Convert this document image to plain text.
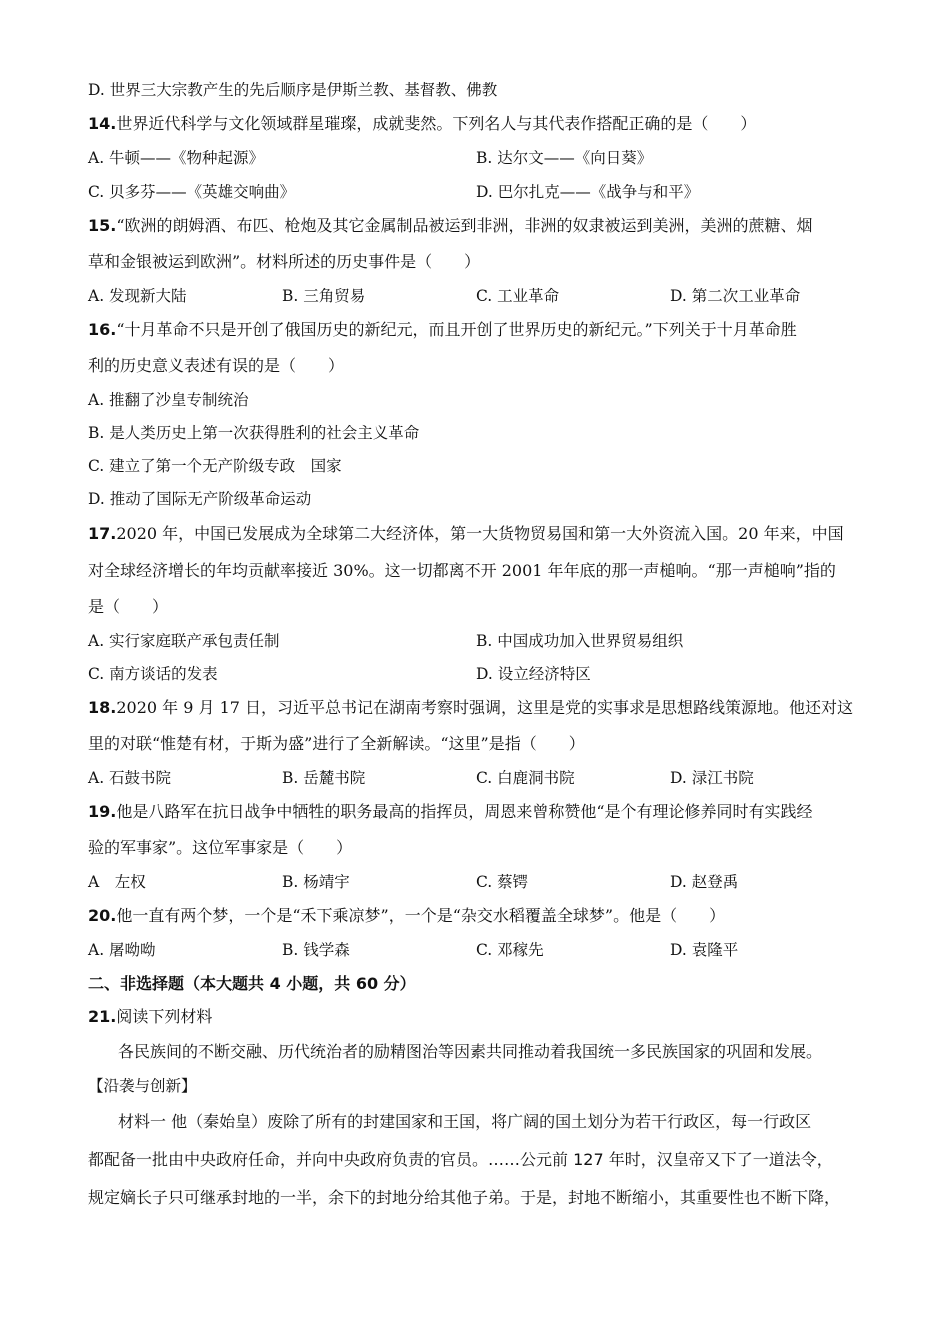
D. 世界三大宗教产生的先后顺序是伊斯兰教、基督教、佛教
14.世界近代科学与文化领域群星璀璨，成就斐然。下列名人与其代表作搭配正确的是（　　）
A. 牛顿——《物种起源》	B. 达尔文——《向日葵》
C. 贝多芬——《英雄交响曲》	D. 巴尔扎克——《战争与和平》
15.“欧洲的朗姆酒、布匹、枪炮及其它金属制品被运到非洲，非洲的奴隶被运到美洲，美洲的蔗糖、烟
草和金银被运到欧洲”。材料所述的历史事件是（　　）
A. 发现新大陆	B. 三角贸易	C. 工业革命	D. 第二次工业革命
16.“十月革命不只是开创了俄国历史的新纪元，而且开创了世界历史的新纪元。”下列关于十月革命胜
利的历史意义表述有误的是（　　）
A. 推翻了沙皇专制统治
B. 是人类历史上第一次获得胜利的社会主义革命
C. 建立了第一个无产阶级专政　国家
D. 推动了国际无产阶级革命运动
17.2020 年，中国已发展成为全球第二大经济体，第一大货物贸易国和第一大外资流入国。20 年来，中国
对全球经济增长的年均贡献率接近 30%。这一切都离不开 2001 年年底的那一声槌响。“那一声槌响”指的
是（　　）
A. 实行家庭联产承包责任制	B. 中国成功加入世界贸易组织
C. 南方谈话的发表	D. 设立经济特区
18.2020 年 9 月 17 日，习近平总书记在湖南考察时强调，这里是党的实事求是思想路线策源地。他还对这
里的对联“惟楚有材，于斯为盛”进行了全新解读。“这里”是指（　　）
A. 石鼓书院	B. 岳麓书院	C. 白鹿洞书院	D. 渌江书院
19.他是八路军在抗日战争中牺牲的职务最高的指挥员，周恩来曾称赞他“是个有理论修养同时有实践经
验的军事家”。这位军事家是（　　）
A　左权	B. 杨靖宇	C. 蔡锷	D. 赵登禹
20.他一直有两个梦，一个是“禾下乘凉梦”，一个是“杂交水稻覆盖全球梦”。他是（　　）
A. 屠呦呦	B. 钱学森	C. 邓稼先	D. 袁隆平
二、非选择题（本大题共 4 小题，共 60 分）
21.阅读下列材料
各民族间的不断交融、历代统治者的励精图治等因素共同推动着我国统一多民族国家的巩固和发展。
【沿袭与创新】
材料一 他（秦始皇）废除了所有的封建国家和王国，将广阔的国土划分为若干行政区，每一行政区
都配备一批由中央政府任命，并向中央政府负责的官员。……公元前 127 年时，汉皇帝又下了一道法令，
规定嫡长子只可继承封地的一半，余下的封地分给其他子弟。于是，封地不断缩小，其重要性也不断下降，
